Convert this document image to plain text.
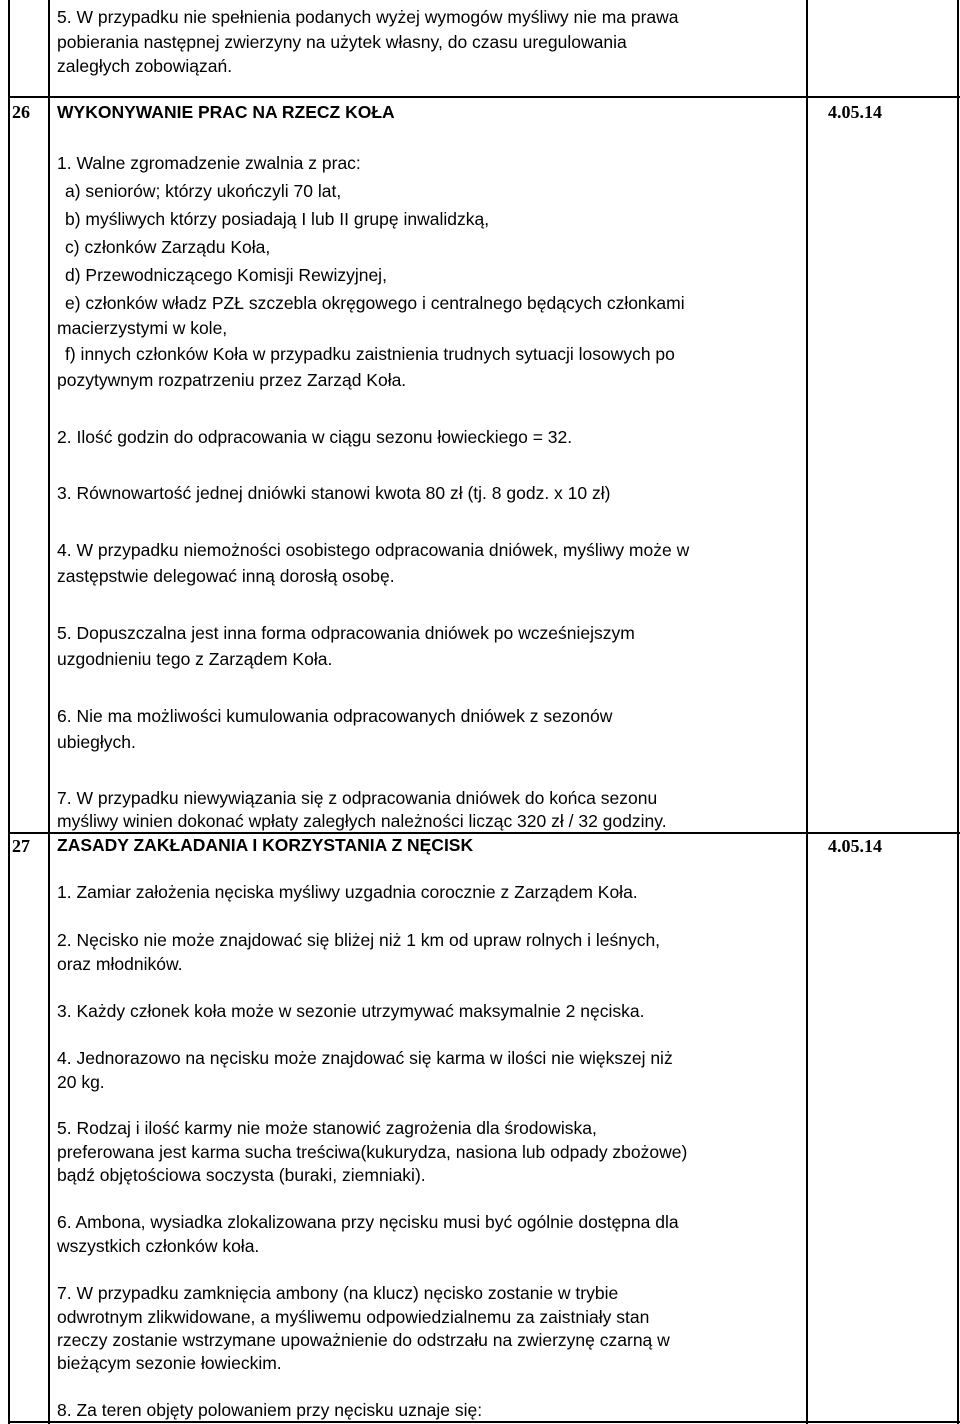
5. W przypadku nie spełnienia podanych wyżej wymogów myśliwy nie ma prawa
pobierania następnej zwierzyny na użytek własny, do czasu uregulowania
zaległych zobowiązań.
26 WYKONYWANIE PRAC NA RZECZ KOŁA	4.05.14
1. Walne zgromadzenie zwalnia z prac:
a) seniorów; którzy ukończyli 70 lat,
b) myśliwych którzy posiadają I lub II grupę inwalidzką,
c) członków Zarządu Koła,
d) Przewodniczącego Komisji Rewizyjnej,
e) członków władz PZŁ szczebla okręgowego i centralnego będących członkami
macierzystymi w kole,
f) innych członków Koła w przypadku zaistnienia trudnych sytuacji losowych po
pozytywnym rozpatrzeniu przez Zarząd Koła.
2. Ilość godzin do odpracowania w ciągu sezonu łowieckiego = 32.
3. Równowartość jednej dniówki stanowi kwota 80 zł (tj. 8 godz. x 10 zł)
4. W przypadku niemożności osobistego odpracowania dniówek, myśliwy może w
zastępstwie delegować inną dorosłą osobę.
5. Dopuszczalna jest inna forma odpracowania dniówek po wcześniejszym
uzgodnieniu tego z Zarządem Koła.
6. Nie ma możliwości kumulowania odpracowanych dniówek z sezonów
ubiegłych.
7. W przypadku niewywiązania się z odpracowania dniówek do końca sezonu
myśliwy winien dokonać wpłaty zaległych należności licząc 320 zł / 32 godziny.
27 ZASADY ZAKŁADANIA I KORZYSTANIA Z NĘCISK	4.05.14
1. Zamiar założenia nęciska myśliwy uzgadnia corocznie z Zarządem Koła.
2. Nęcisko nie może znajdować się bliżej niż 1 km od upraw rolnych i leśnych,
oraz młodników.
3. Każdy członek koła może w sezonie utrzymywać maksymalnie 2 nęciska.
4. Jednorazowo na nęcisku może znajdować się karma w ilości nie większej niż
20 kg.
5. Rodzaj i ilość karmy nie może stanowić zagrożenia dla środowiska,
preferowana jest karma sucha treściwa(kukurydza, nasiona lub odpady zbożowe)
bądź objętościowa soczysta (buraki, ziemniaki).
6. Ambona, wysiadka zlokalizowana przy nęcisku musi być ogólnie dostępna dla
wszystkich członków koła.
7. W przypadku zamknięcia ambony (na klucz) nęcisko zostanie w trybie
odwrotnym zlikwidowane, a myśliwemu odpowiedzialnemu za zaistniały stan
rzeczy zostanie wstrzymane upoważnienie do odstrzału na zwierzynę czarną w
bieżącym sezonie łowieckim.
8. Za teren objęty polowaniem przy nęcisku uznaje się:
